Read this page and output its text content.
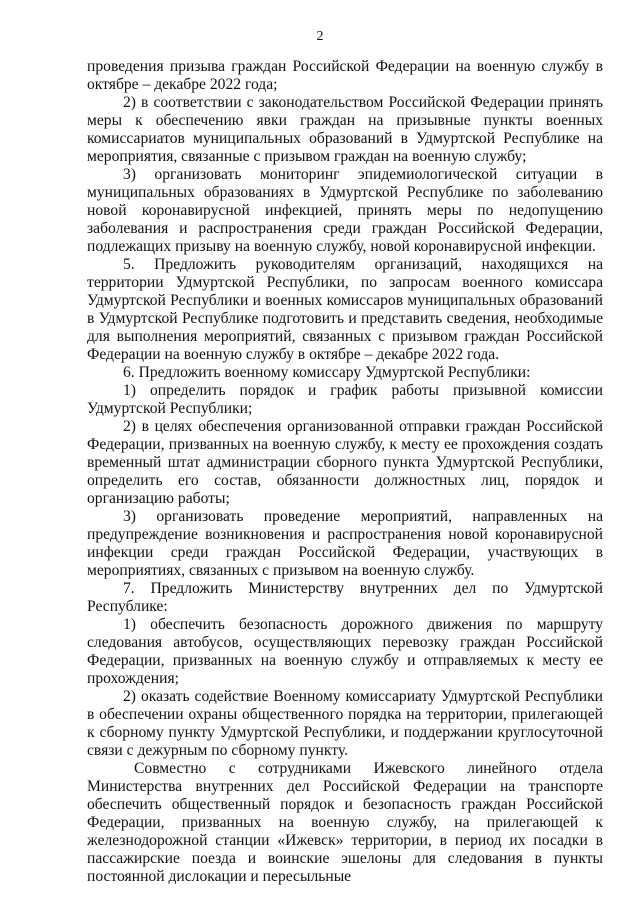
2

проведения призыва граждан Российской Федерации на военную службу в октябре – декабре 2022 года;

2) в соответствии с законодательством Российской Федерации принять меры к обеспечению явки граждан на призывные пункты военных комиссариатов муниципальных образований в Удмуртской Республике на мероприятия, связанные с призывом граждан на военную службу;

3) организовать мониторинг эпидемиологической ситуации в муниципальных образованиях в Удмуртской Республике по заболеванию новой коронавирусной инфекцией, принять меры по недопущению заболевания и распространения среди граждан Российской Федерации, подлежащих призыву на военную службу, новой коронавирусной инфекции.

5. Предложить руководителям организаций, находящихся на территории Удмуртской Республики, по запросам военного комиссара Удмуртской Республики и военных комиссаров муниципальных образований в Удмуртской Республике подготовить и представить сведения, необходимые для выполнения мероприятий, связанных с призывом граждан Российской Федерации на военную службу в октябре – декабре 2022 года.

6. Предложить военному комиссару Удмуртской Республики:

1) определить порядок и график работы призывной комиссии Удмуртской Республики;

2) в целях обеспечения организованной отправки граждан Российской Федерации, призванных на военную службу, к месту ее прохождения создать временный штат администрации сборного пункта Удмуртской Республики, определить его состав, обязанности должностных лиц, порядок и организацию работы;

3) организовать проведение мероприятий, направленных на предупреждение возникновения и распространения новой коронавирусной инфекции среди граждан Российской Федерации, участвующих в мероприятиях, связанных с призывом на военную службу.

7. Предложить Министерству внутренних дел по Удмуртской Республике:

1) обеспечить безопасность дорожного движения по маршруту следования автобусов, осуществляющих перевозку граждан Российской Федерации, призванных на военную службу и отправляемых к месту ее прохождения;

2) оказать содействие Военному комиссариату Удмуртской Республики в обеспечении охраны общественного порядка на территории, прилегающей к сборному пункту Удмуртской Республики, и поддержании круглосуточной связи с дежурным по сборному пункту.

Совместно с сотрудниками Ижевского линейного отдела Министерства внутренних дел Российской Федерации на транспорте обеспечить общественный порядок и безопасность граждан Российской Федерации, призванных на военную службу, на прилегающей к железнодорожной станции «Ижевск» территории, в период их посадки в пассажирские поезда и воинские эшелоны для следования в пункты постоянной дислокации и пересыльные
